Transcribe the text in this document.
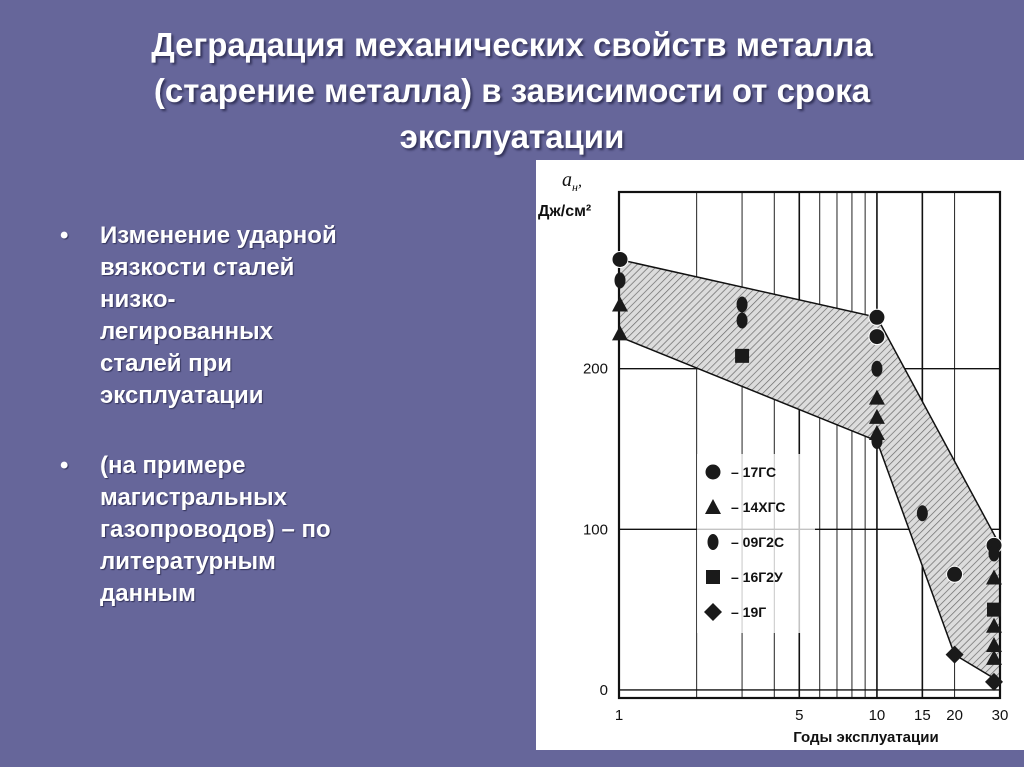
Деградация механических свойств металла
(старение металла) в зависимости от срока
эксплуатации
• Изменение ударной
вязкости сталей
низко-
легированных
сталей при
эксплуатации
• (на примере
магистральных
газопроводов) – по
литературным
данным
1	5	10 15 20 30
0
100
200
$a_н^,$
Дж/см²
Годы эксплуатации
– 17ГС
– 14ХГС
– 09Г2С
– 16Г2У
– 19Г
